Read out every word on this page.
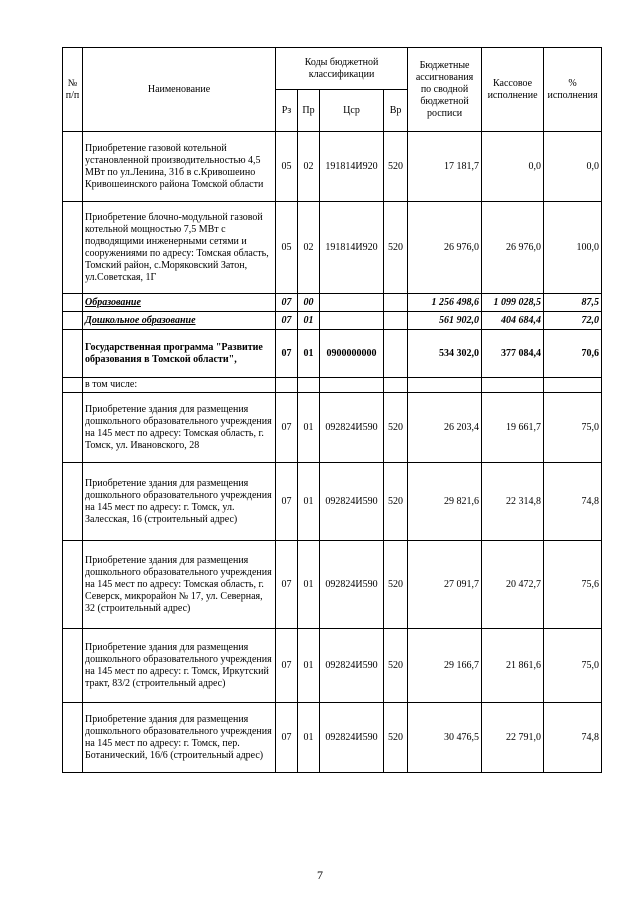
№ п/п	Наименование	Коды бюджетной классификации				Бюджетные ассигнования по сводной бюджетной росписи	Кассовое исполнение	% исполнения
		Рз	Пр	Цср	Вр			
	Приобретение газовой котельной установленной производительностью 4,5 МВт по ул.Ленина, 31б в с.Кривошеино Кривошеинского района Томской области	05	02	191814И920	520	17 181,7	0,0	0,0
	Приобретение блочно-модульной газовой котельной мощностью 7,5 МВт с подводящими инженерными сетями и сооружениями по адресу: Томская область, Томский район, с.Моряковский Затон, ул.Советская, 1Г	05	02	191814И920	520	26 976,0	26 976,0	100,0
	Образование	07	00			1 256 498,6	1 099 028,5	87,5
	Дошкольное образование	07	01			561 902,0	404 684,4	72,0
	Государственная программа "Развитие образования в Томской области",	07	01	0900000000		534 302,0	377 084,4	70,6
	в том числе:							
	Приобретение здания для размещения дошкольного образовательного учреждения на 145 мест по адресу: Томская область, г. Томск, ул. Ивановского, 28	07	01	092824И590	520	26 203,4	19 661,7	75,0
	Приобретение здания для размещения дошкольного образовательного учреждения на 145 мест по адресу: г. Томск, ул. Залесская, 16 (строительный адрес)	07	01	092824И590	520	29 821,6	22 314,8	74,8
	Приобретение здания для размещения дошкольного образовательного учреждения на 145 мест по адресу: Томская область, г. Северск, микрорайон № 17, ул. Северная, 32 (строительный адрес)	07	01	092824И590	520	27 091,7	20 472,7	75,6
	Приобретение здания для размещения дошкольного образовательного учреждения на 145 мест по адресу: г. Томск, Иркутский тракт, 83/2 (строительный адрес)	07	01	092824И590	520	29 166,7	21 861,6	75,0
	Приобретение здания для размещения дошкольного образовательного учреждения на 145 мест по адресу: г. Томск, пер. Ботанический, 16/6 (строительный адрес)	07	01	092824И590	520	30 476,5	22 791,0	74,8
7
